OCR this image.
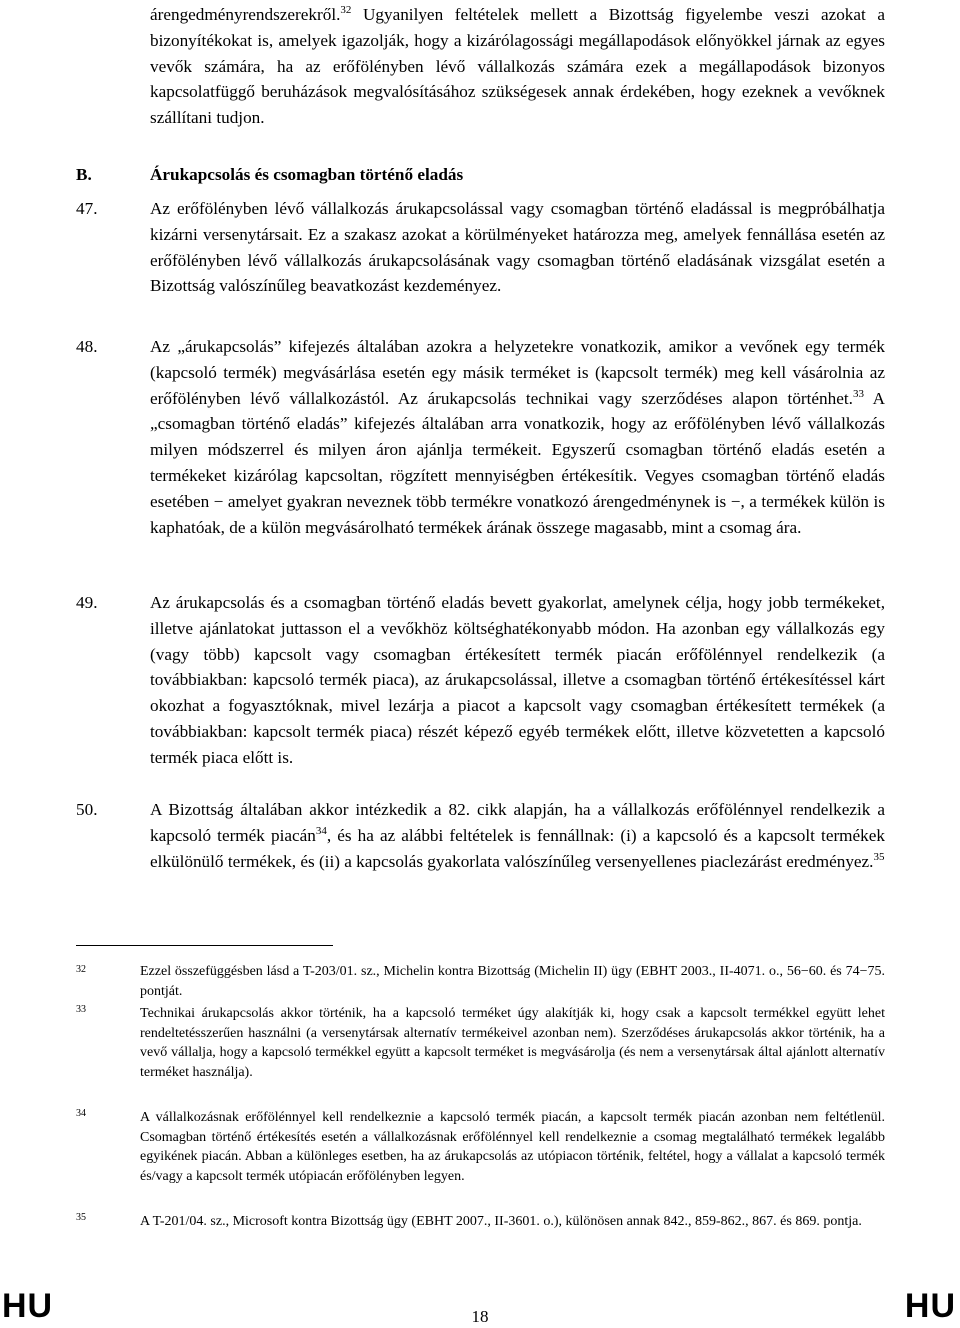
árengedményrendszerekről.$^{32}$ Ugyanilyen feltételek mellett a Bizottság figyelembe veszi azokat a bizonyítékokat is, amelyek igazolják, hogy a kizárólagossági megállapodások előnyökkel járnak az egyes vevők számára, ha az erőfölényben lévő vállalkozás számára ezek a megállapodások bizonyos kapcsolatfüggő beruházások megvalósításához szükségesek annak érdekében, hogy ezeknek a vevőknek szállítani tudjon.
B.	Árukapcsolás és csomagban történő eladás
47.	Az erőfölényben lévő vállalkozás árukapcsolással vagy csomagban történő eladással is megpróbálhatja kizárni versenytársait. Ez a szakasz azokat a körülményeket határozza meg, amelyek fennállása esetén az erőfölényben lévő vállalkozás árukapcsolásának vagy csomagban történő eladásának vizsgálat esetén a Bizottság valószínűleg beavatkozást kezdeményez.
48.	Az „árukapcsolás” kifejezés általában azokra a helyzetekre vonatkozik, amikor a vevőnek egy termék (kapcsoló termék) megvásárlása esetén egy másik terméket is (kapcsolt termék) meg kell vásárolnia az erőfölényben lévő vállalkozástól. Az árukapcsolás technikai vagy szerződéses alapon történhet.$^{33}$ A „csomagban történő eladás” kifejezés általában arra vonatkozik, hogy az erőfölényben lévő vállalkozás milyen módszerrel és milyen áron ajánlja termékeit. Egyszerű csomagban történő eladás esetén a termékeket kizárólag kapcsoltan, rögzített mennyiségben értékesítik. Vegyes csomagban történő eladás esetében − amelyet gyakran neveznek több termékre vonatkozó árengedménynek is −, a termékek külön is kaphatóak, de a külön megvásárolható termékek árának összege magasabb, mint a csomag ára.
49.	Az árukapcsolás és a csomagban történő eladás bevett gyakorlat, amelynek célja, hogy jobb termékeket, illetve ajánlatokat juttasson el a vevőkhöz költséghatékonyabb módon. Ha azonban egy vállalkozás egy (vagy több) kapcsolt vagy csomagban értékesített termék piacán erőfölénnyel rendelkezik (a továbbiakban: kapcsoló termék piaca), az árukapcsolással, illetve a csomagban történő értékesítéssel kárt okozhat a fogyasztóknak, mivel lezárja a piacot a kapcsolt vagy csomagban értékesített termékek (a továbbiakban: kapcsolt termék piaca) részét képező egyéb termékek előtt, illetve közvetetten a kapcsoló termék piaca előtt is.
50.	A Bizottság általában akkor intézkedik a 82. cikk alapján, ha a vállalkozás erőfölénnyel rendelkezik a kapcsoló termék piacán$^{34}$, és ha az alábbi feltételek is fennállnak: (i) a kapcsoló és a kapcsolt termékek elkülönülő termékek, és (ii) a kapcsolás gyakorlata valószínűleg versenyellenes piaclezárást eredményez.$^{35}$
32	Ezzel összefüggésben lásd a T-203/01. sz., Michelin kontra Bizottság (Michelin II) ügy (EBHT 2003., II-4071. o., 56−60. és 74−75. pontját.
33	Technikai árukapcsolás akkor történik, ha a kapcsoló terméket úgy alakítják ki, hogy csak a kapcsolt termékkel együtt lehet rendeltetésszerűen használni (a versenytársak alternatív termékeivel azonban nem). Szerződéses árukapcsolás akkor történik, ha a vevő vállalja, hogy a kapcsoló termékkel együtt a kapcsolt terméket is megvásárolja (és nem a versenytársak által ajánlott alternatív terméket használja).
34	A vállalkozásnak erőfölénnyel kell rendelkeznie a kapcsoló termék piacán, a kapcsolt termék piacán azonban nem feltétlenül. Csomagban történő értékesítés esetén a vállalkozásnak erőfölénnyel kell rendelkeznie a csomag megtalálható termékek legalább egyikének piacán. Abban a különleges esetben, ha az árukapcsolás az utópiacon történik, feltétel, hogy a vállalat a kapcsoló termék és/vagy a kapcsolt termék utópiacán erőfölényben legyen.
35	A T-201/04. sz., Microsoft kontra Bizottság ügy (EBHT 2007., II-3601. o.), különösen annak 842., 859-862., 867. és 869. pontja.
HU	18	HU
